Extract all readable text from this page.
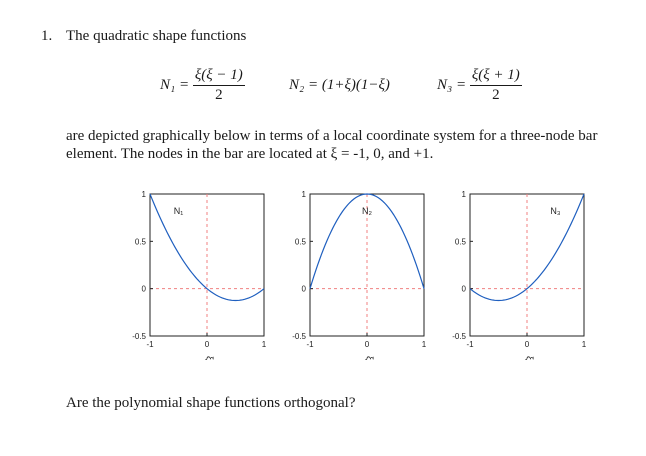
1. The quadratic shape functions
$N_1 = \frac{\xi(\xi - 1)}{2}$	N₂ = (1+ξ)(1−ξ)	$N_3 = \frac{\xi(\xi + 1)}{2}$
are depicted graphically below in terms of a local coordinate system for a three-node bar element. The nodes in the bar are located at ξ = -1, 0, and +1.
1
0.5
0
-0.5
-1	0	1
ξ
N₁
1
0.5
0
-0.5
-1	0	1
ξ
N₂
1
0.5
0
-0.5
-1	0	1
ξ
N₃
Are the polynomial shape functions orthogonal?
